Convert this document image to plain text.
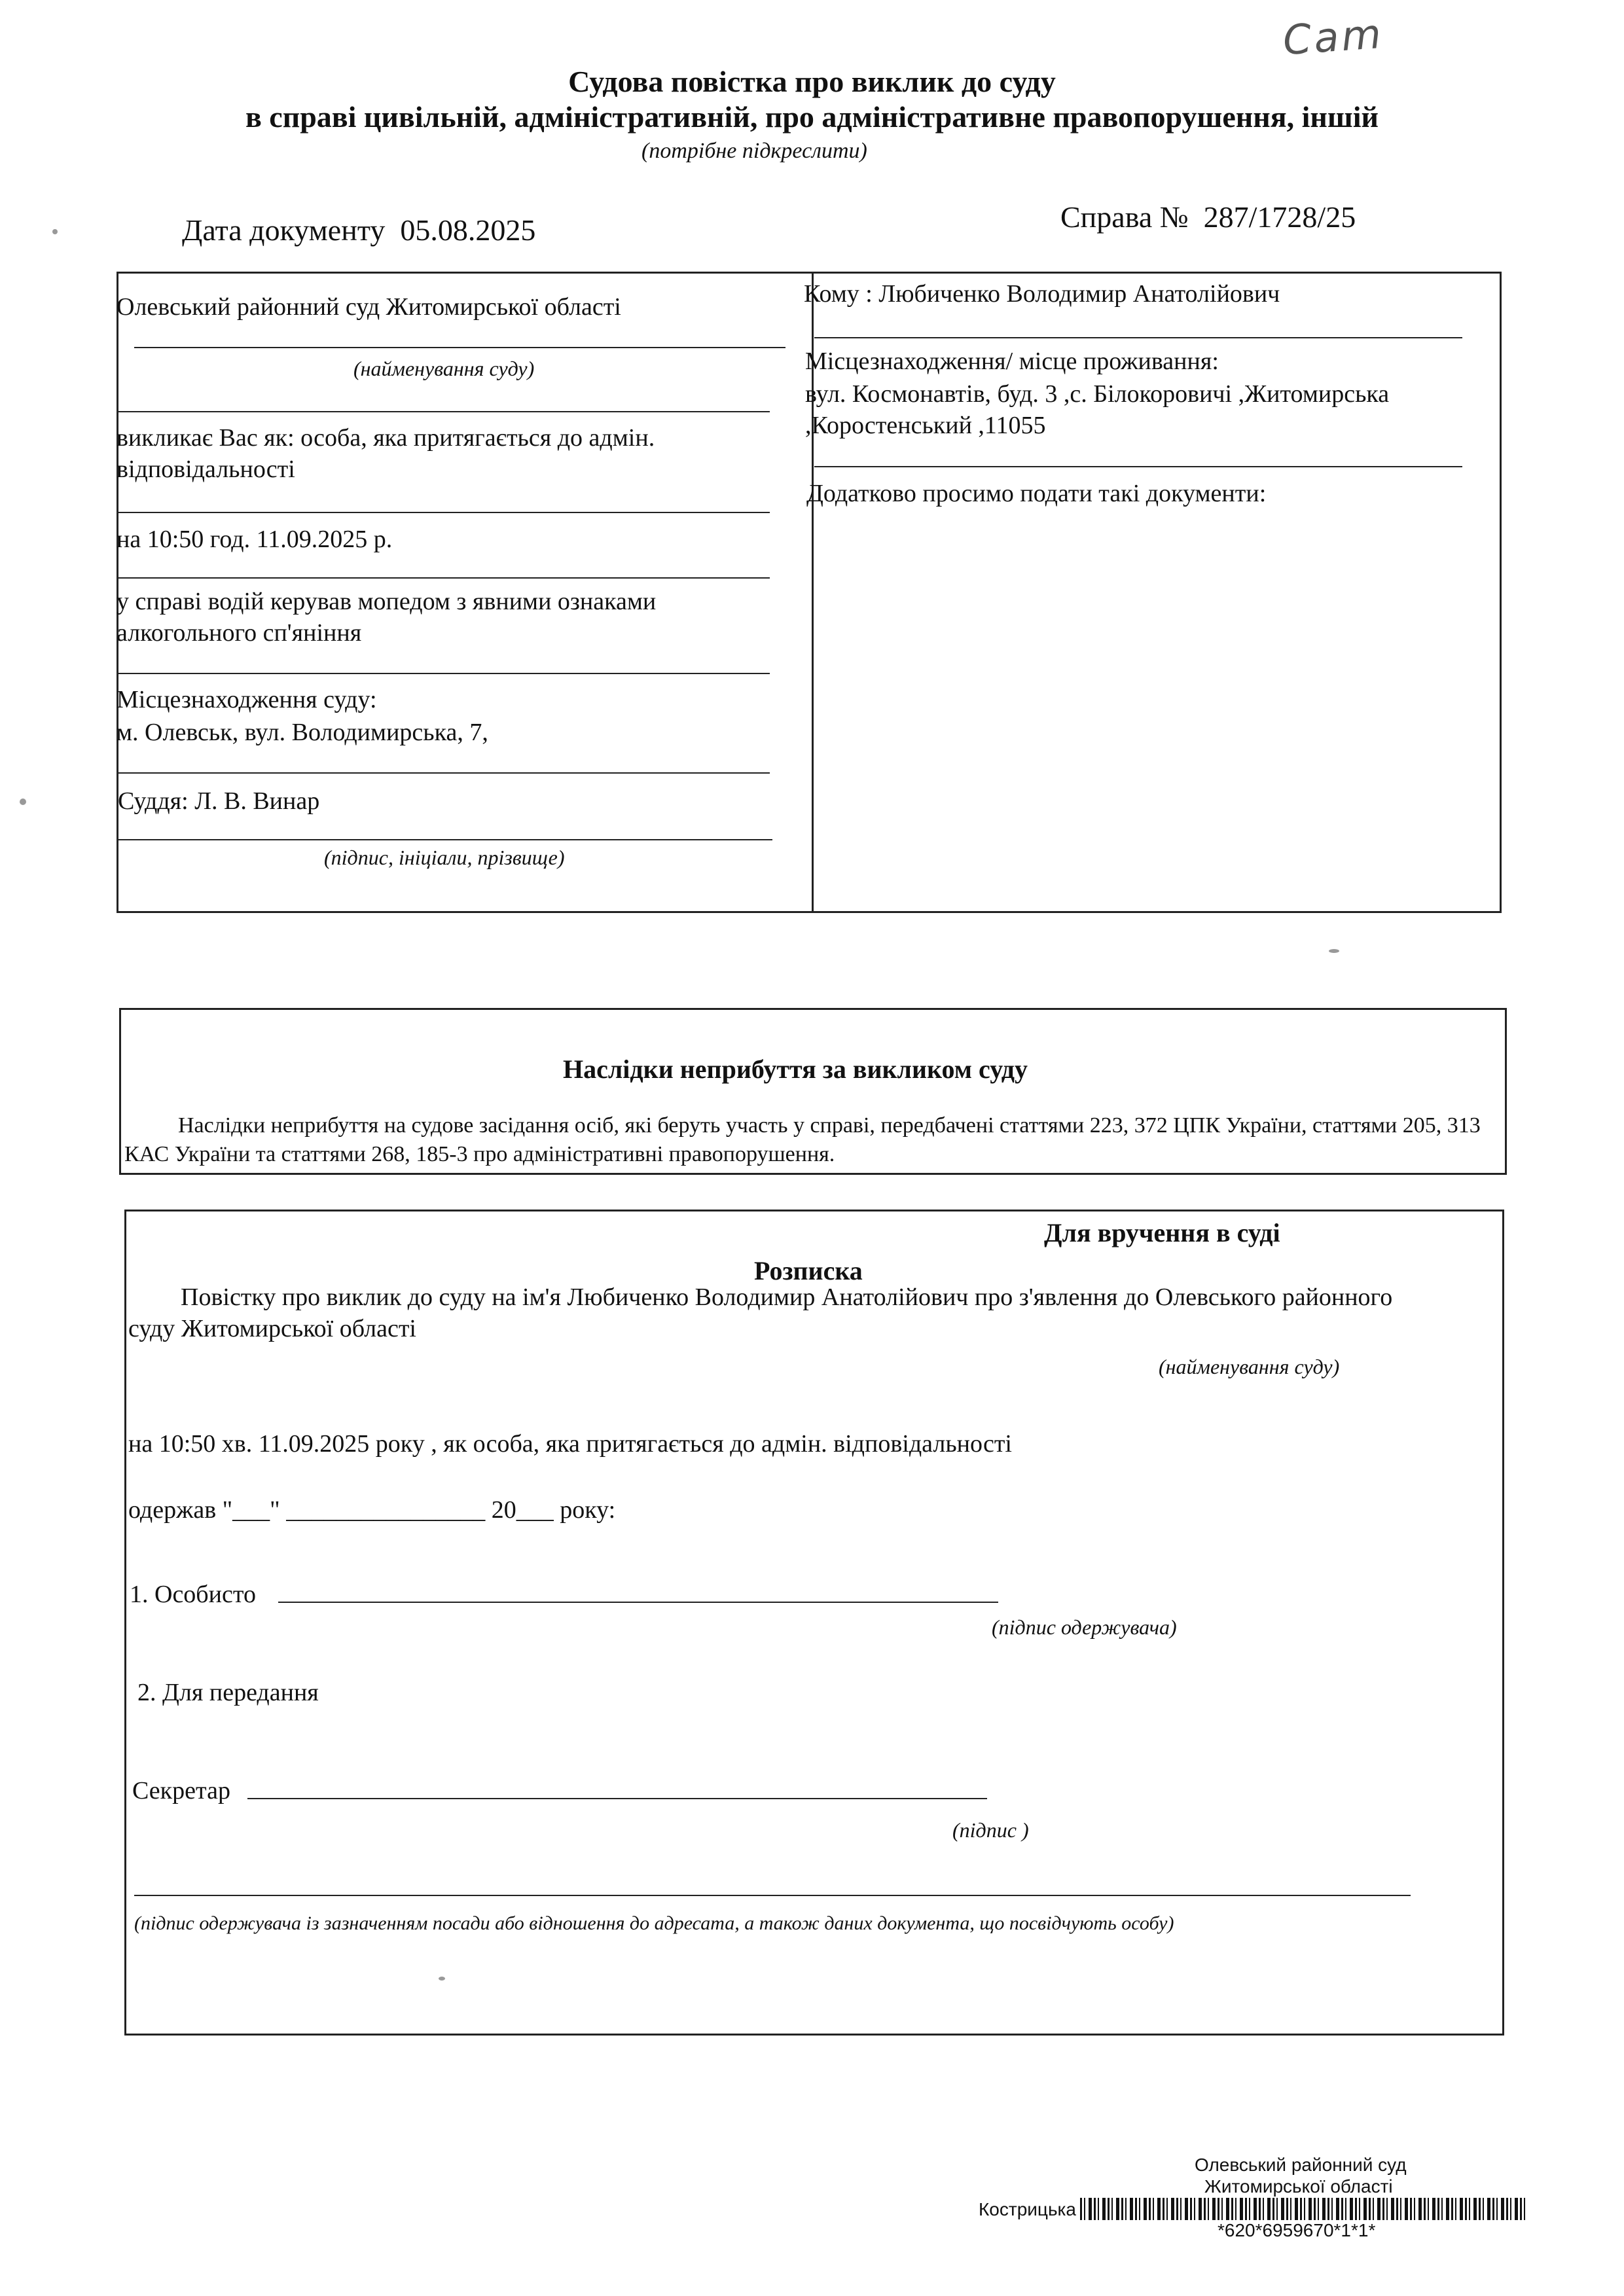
Cam
Судова повістка про виклик до суду
в справі цивільній, адміністративній, про адміністративне правопорушення, іншій
(потрібне підкреслити)
Дата документу 05.08.2025	Справа № 287/1728/25
Олевський районний суд Житомирської області
(найменування суду)
викликає Вас як: особа, яка притягається до адмін. відповідальності
на 10:50 год. 11.09.2025 р.
у справі водій керував мопедом з явними ознаками алкогольного сп'яніння
Місцезнаходження суду:
м. Олевськ, вул. Володимирська, 7,
Суддя: Л. В. Винар
(підпис, ініціали, прізвище)
Кому : Любиченко Володимир Анатолійович
Місцезнаходження/ місце проживання:
вул. Космонавтів, буд. 3 ,с. Білокоровичі ,Житомирська ,Коростенський ,11055
Додатково просимо подати такі документи:
Наслідки неприбуття за викликом суду
Наслідки неприбуття на судове засідання осіб, які беруть участь у справі, передбачені статтями 223, 372 ЦПК України, статтями 205, 313 КАС України та статтями 268, 185-3 про адміністративні правопорушення.
Для вручення в суді
Розписка
Повістку про виклик до суду на ім'я Любиченко Володимир Анатолійович про з'явлення до Олевського районного суду Житомирської області
(найменування суду)
на 10:50 хв. 11.09.2025 року , як особа, яка притягається до адмін. відповідальності
одержав "___" ________________ 20___ року:
1. Особисто
(підпис одержувача)
2. Для передання
Секретар
(підпис )
(підпис одержувача із зазначенням посади або відношення до адресата, а також даних документа, що посвідчують особу)
Олевський районний суд
Житомирської області
Кострицька
*620*6959670*1*1*
